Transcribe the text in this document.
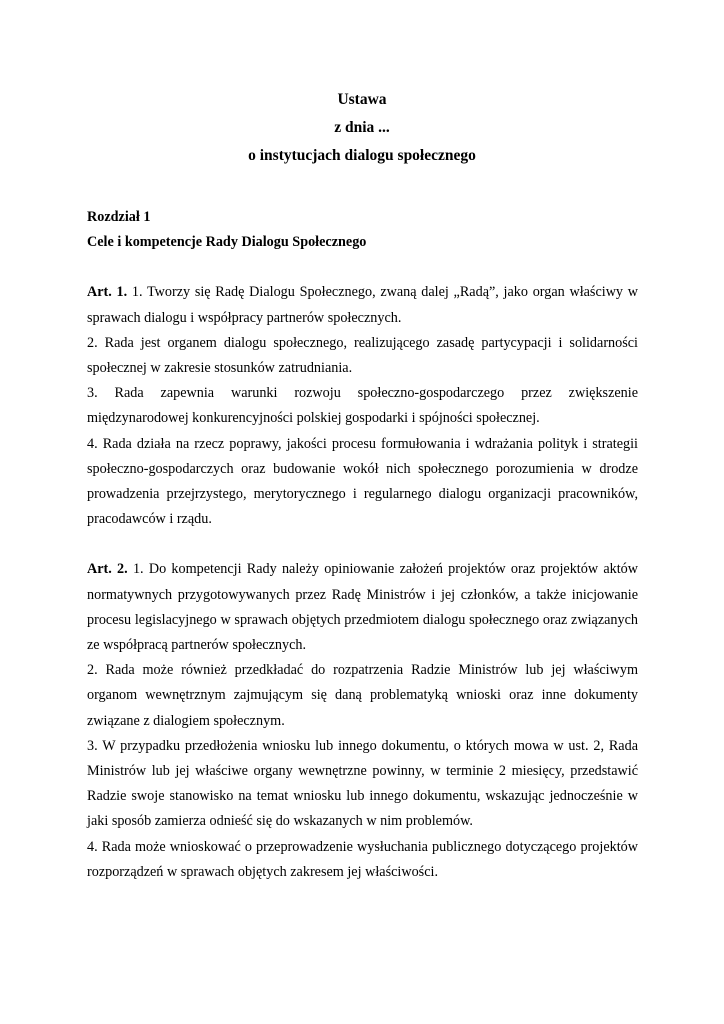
Ustawa
z dnia ...
o instytucjach dialogu społecznego

Rozdział 1

Cele i kompetencje Rady Dialogu Społecznego

Art. 1. 1. Tworzy się Radę Dialogu Społecznego, zwaną dalej „Radą”, jako organ właściwy w sprawach dialogu i współpracy partnerów społecznych.

2. Rada jest organem dialogu społecznego, realizującego zasadę partycypacji i solidarności społecznej w zakresie stosunków zatrudniania.

3. Rada zapewnia warunki rozwoju społeczno-gospodarczego przez zwiększenie międzynarodowej konkurencyjności polskiej gospodarki i spójności społecznej.

4. Rada działa na rzecz poprawy, jakości procesu formułowania i wdrażania polityk i strategii społeczno-gospodarczych oraz budowanie wokół nich społecznego porozumienia w drodze prowadzenia przejrzystego, merytorycznego i regularnego dialogu organizacji pracowników, pracodawców i rządu.

Art. 2. 1. Do kompetencji Rady należy opiniowanie założeń projektów oraz projektów aktów normatywnych przygotowywanych przez Radę Ministrów i jej członków, a także inicjowanie procesu legislacyjnego w sprawach objętych przedmiotem dialogu społecznego oraz związanych ze współpracą partnerów społecznych.

2. Rada może również przedkładać do rozpatrzenia Radzie Ministrów lub jej właściwym organom wewnętrznym zajmującym się daną problematyką wnioski oraz inne dokumenty związane z dialogiem społecznym.

3. W przypadku przedłożenia wniosku lub innego dokumentu, o których mowa w ust. 2, Rada Ministrów lub jej właściwe organy wewnętrzne powinny, w terminie 2 miesięcy, przedstawić Radzie swoje stanowisko na temat wniosku lub innego dokumentu, wskazując jednocześnie w jaki sposób zamierza odnieść się do wskazanych w nim problemów.

4. Rada może wnioskować o przeprowadzenie wysłuchania publicznego dotyczącego projektów rozporządzeń w sprawach objętych zakresem jej właściwości.
